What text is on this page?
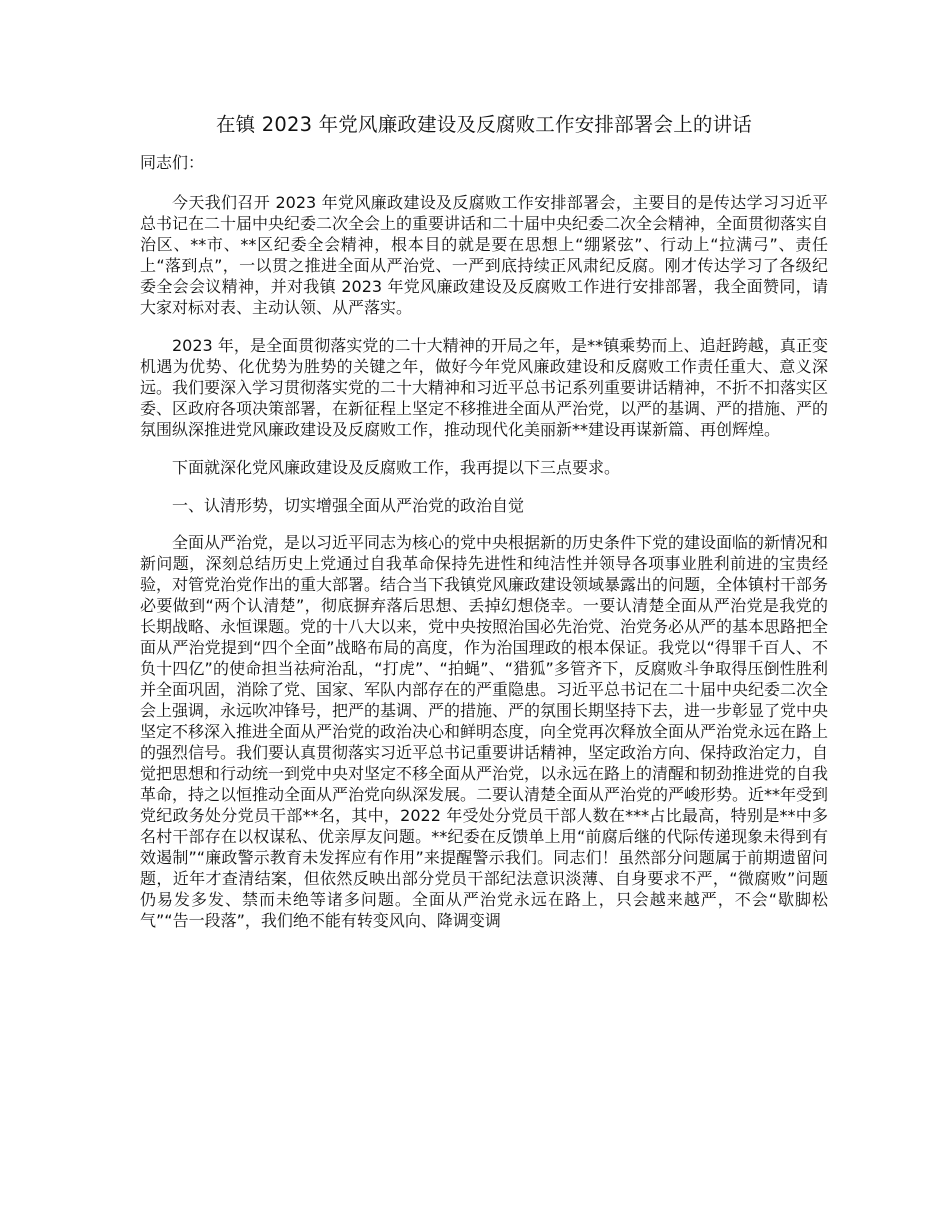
在镇 2023 年党风廉政建设及反腐败工作安排部署会上的讲话

同志们：

今天我们召开 2023 年党风廉政建设及反腐败工作安排部署会，主要目的是传达学习习近平总书记在二十届中央纪委二次全会上的重要讲话和二十届中央纪委二次全会精神，全面贯彻落实自治区、**市、**区纪委全会精神，根本目的就是要在思想上“绷紧弦”、行动上“拉满弓”、责任上“落到点”，一以贯之推进全面从严治党、一严到底持续正风肃纪反腐。刚才传达学习了各级纪委全会会议精神，并对我镇 2023 年党风廉政建设及反腐败工作进行安排部署，我全面赞同，请大家对标对表、主动认领、从严落实。

2023 年，是全面贯彻落实党的二十大精神的开局之年，是**镇乘势而上、追赶跨越，真正变机遇为优势、化优势为胜势的关键之年，做好今年党风廉政建设和反腐败工作责任重大、意义深远。我们要深入学习贯彻落实党的二十大精神和习近平总书记系列重要讲话精神，不折不扣落实区委、区政府各项决策部署，在新征程上坚定不移推进全面从严治党，以严的基调、严的措施、严的氛围纵深推进党风廉政建设及反腐败工作，推动现代化美丽新**建设再谋新篇、再创辉煌。

下面就深化党风廉政建设及反腐败工作，我再提以下三点要求。

一、认清形势，切实增强全面从严治党的政治自觉

全面从严治党，是以习近平同志为核心的党中央根据新的历史条件下党的建设面临的新情况和新问题，深刻总结历史上党通过自我革命保持先进性和纯洁性并领导各项事业胜利前进的宝贵经验，对管党治党作出的重大部署。结合当下我镇党风廉政建设领域暴露出的问题，全体镇村干部务必要做到“两个认清楚”，彻底摒弃落后思想、丢掉幻想侥幸。一要认清楚全面从严治党是我党的长期战略、永恒课题。党的十八大以来，党中央按照治国必先治党、治党务必从严的基本思路把全面从严治党提到“四个全面”战略布局的高度，作为治国理政的根本保证。我党以“得罪千百人、不负十四亿”的使命担当祛疴治乱，“打虎”、“拍蝇”、“猎狐”多管齐下，反腐败斗争取得压倒性胜利并全面巩固，消除了党、国家、军队内部存在的严重隐患。习近平总书记在二十届中央纪委二次全会上强调，永远吹冲锋号，把严的基调、严的措施、严的氛围长期坚持下去，进一步彰显了党中央坚定不移深入推进全面从严治党的政治决心和鲜明态度，向全党再次释放全面从严治党永远在路上的强烈信号。我们要认真贯彻落实习近平总书记重要讲话精神，坚定政治方向、保持政治定力，自觉把思想和行动统一到党中央对坚定不移全面从严治党，以永远在路上的清醒和韧劲推进党的自我革命，持之以恒推动全面从严治党向纵深发展。二要认清楚全面从严治党的严峻形势。近**年受到党纪政务处分党员干部**名，其中，2022 年受处分党员干部人数在***占比最高，特别是**中多名村干部存在以权谋私、优亲厚友问题。**纪委在反馈单上用“前腐后继的代际传递现象未得到有效遏制”“廉政警示教育未发挥应有作用”来提醒警示我们。同志们！虽然部分问题属于前期遗留问题，近年才查清结案，但依然反映出部分党员干部纪法意识淡薄、自身要求不严，“微腐败”问题仍易发多发、禁而未绝等诸多问题。全面从严治党永远在路上，只会越来越严，不会“歇脚松气”“告一段落”，我们绝不能有转变风向、降调变调
